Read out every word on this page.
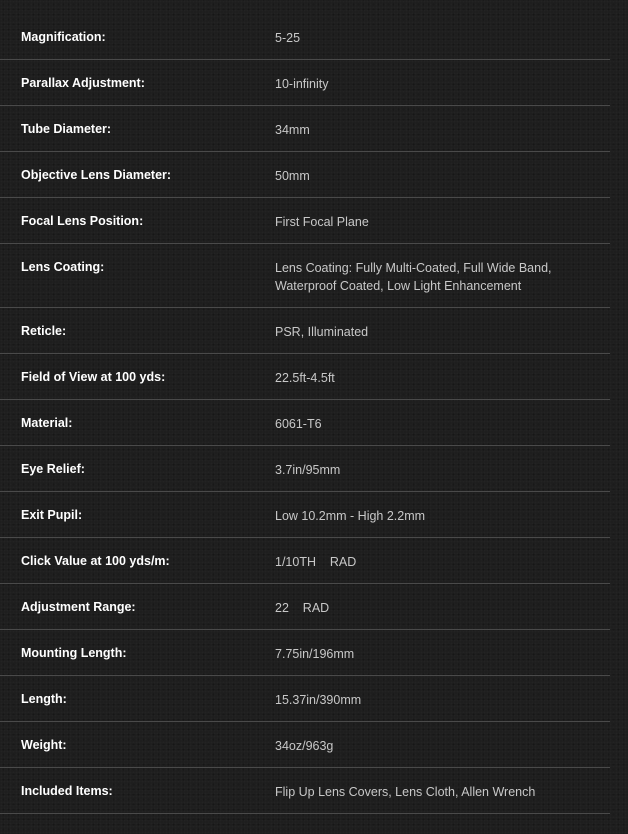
Magnification:	5-25
Parallax Adjustment:	10-infinity
Tube Diameter:	34mm
Objective Lens Diameter:	50mm
Focal Lens Position:	First Focal Plane
Lens Coating:	Lens Coating: Fully Multi-Coated, Full Wide Band, Waterproof Coated, Low Light Enhancement
Reticle:	PSR, Illuminated
Field of View at 100 yds:	22.5ft-4.5ft
Material:	6061-T6
Eye Relief:	3.7in/95mm
Exit Pupil:	Low 10.2mm - High 2.2mm
Click Value at 100 yds/m:	1/10TH    RAD
Adjustment Range:	22    RAD
Mounting Length:	7.75in/196mm
Length:	15.37in/390mm
Weight:	34oz/963g
Included Items:	Flip Up Lens Covers, Lens Cloth, Allen Wrench
